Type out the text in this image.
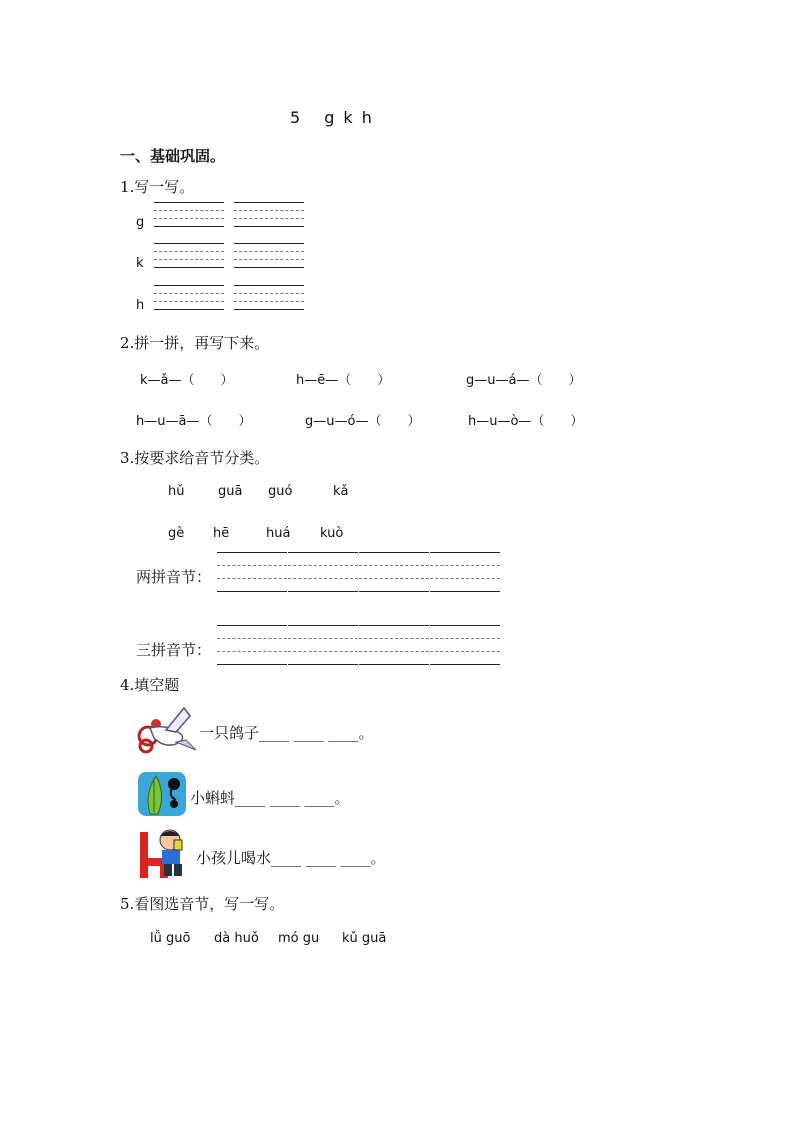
5 g k h
一、基础巩固。
1.写一写。
g
k
h
2.拼一拼，再写下来。
k—ǎ—（　　）	h—ē—（　　）	g—u—á—（　　）
h—u—ā—（　　）	g—u—ó—（　　）	h—u—ò—（　　）
3.按要求给音节分类。
hǔ	guā guó	kǎ
gè hē	huá kuò
两拼音节：
三拼音节：
4.填空题
一只鸽子____ ____ ____。
小蝌蚪____ ____ ____。
小孩儿喝水____ ____ ____。
5.看图选音节，写一写。
lǚ guō dà huǒ mó gu kǔ guā
